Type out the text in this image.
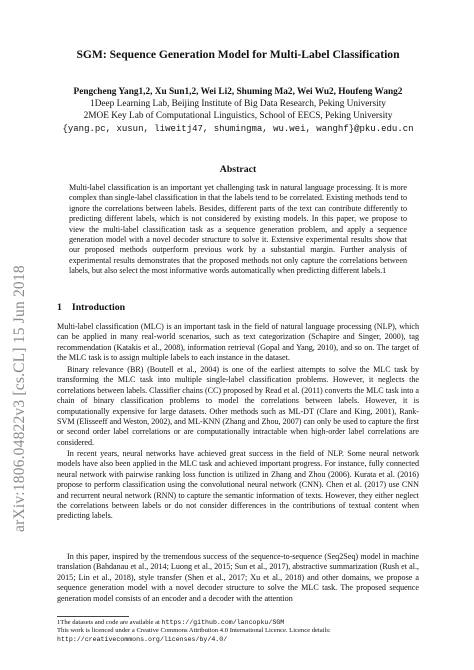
arXiv:1806.04822v3 [cs.CL] 15 Jun 2018
SGM: Sequence Generation Model for Multi-Label Classification
Pengcheng Yang1,2, Xu Sun1,2, Wei Li2, Shuming Ma2, Wei Wu2, Houfeng Wang2
1Deep Learning Lab, Beijing Institute of Big Data Research, Peking University
2MOE Key Lab of Computational Linguistics, School of EECS, Peking University
{yang.pc, xusun, liweitj47, shumingma, wu.wei, wanghf}@pku.edu.cn
Abstract
Multi-label classification is an important yet challenging task in natural language processing. It is more complex than single-label classification in that the labels tend to be correlated. Existing methods tend to ignore the correlations between labels. Besides, different parts of the text can contribute differently to predicting different labels, which is not considered by existing models. In this paper, we propose to view the multi-label classification task as a sequence generation problem, and apply a sequence generation model with a novel decoder structure to solve it. Extensive experimental results show that our proposed methods outperform previous work by a substantial margin. Further analysis of experimental results demonstrates that the proposed methods not only capture the correlations between labels, but also select the most informative words automatically when predicting different labels.1
1 Introduction
Multi-label classification (MLC) is an important task in the field of natural language processing (NLP), which can be applied in many real-world scenarios, such as text categorization (Schapire and Singer, 2000), tag recommendation (Katakis et al., 2008), information retrieval (Gopal and Yang, 2010), and so on. The target of the MLC task is to assign multiple labels to each instance in the dataset.
Binary relevance (BR) (Boutell et al., 2004) is one of the earliest attempts to solve the MLC task by transforming the MLC task into multiple single-label classification problems. However, it neglects the correlations between labels. Classifier chains (CC) proposed by Read et al. (2011) converts the MLC task into a chain of binary classification problems to model the correlations between labels. However, it is computationally expensive for large datasets. Other methods such as ML-DT (Clare and King, 2001), Rank-SVM (Elisseeff and Weston, 2002), and ML-KNN (Zhang and Zhou, 2007) can only be used to capture the first or second order label correlations or are computationally intractable when high-order label correlations are considered.
In recent years, neural networks have achieved great success in the field of NLP. Some neural network models have also been applied in the MLC task and achieved important progress. For instance, fully connected neural network with pairwise ranking loss function is utilized in Zhang and Zhou (2006). Kurata et al. (2016) propose to perform classification using the convolutional neural network (CNN). Chen et al. (2017) use CNN and recurrent neural network (RNN) to capture the semantic information of texts. However, they either neglect the correlations between labels or do not consider differences in the contributions of textual content when predicting labels.
In this paper, inspired by the tremendous success of the sequence-to-sequence (Seq2Seq) model in machine translation (Bahdanau et al., 2014; Luong et al., 2015; Sun et al., 2017), abstractive summarization (Rush et al., 2015; Lin et al., 2018), style transfer (Shen et al., 2017; Xu et al., 2018) and other domains, we propose a sequence generation model with a novel decoder structure to solve the MLC task. The proposed sequence generation model consists of an encoder and a decoder with the attention
1The datasets and code are available at https://github.com/lancopku/SGM
This work is licenced under a Creative Commons Attribution 4.0 International Licence. Licence details: http://creativecommons.org/licenses/by/4.0/
